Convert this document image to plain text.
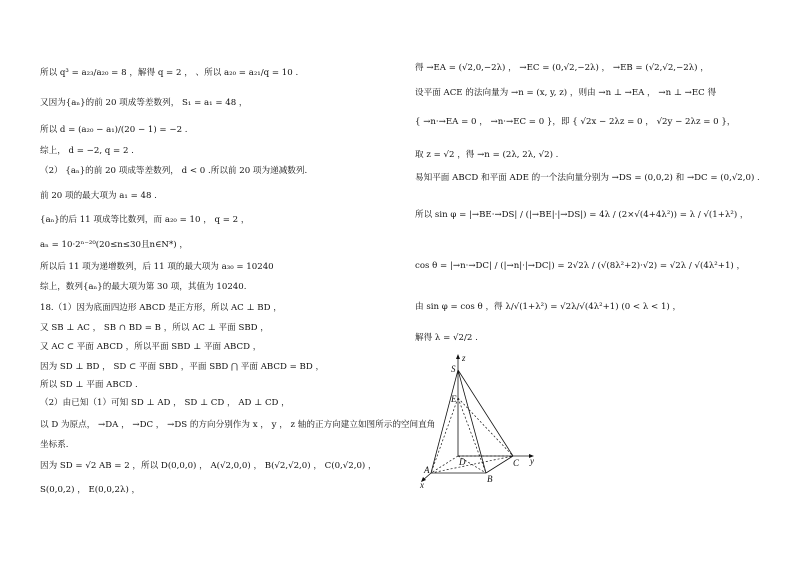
所以 q³ = a₂₃/a₂₀ = 8 ，解得 q = 2 ， 、所以 a₂₀ = a₂₁/q = 10 .
又因为{aₙ}的前 20 项成等差数列， S₁ = a₁ = 48 ，
所以 d = (a₂₀ − a₁)/(20 − 1) = −2 .
综上， d = −2, q = 2 .
（2） {aₙ}的前 20 项成等差数列， d < 0 .所以前 20 项为递减数列.
前 20 项的最大项为 a₁ = 48 .
{aₙ}的后 11 项成等比数列，而 a₂₀ = 10 ， q = 2 ，
aₙ = 10·2ⁿ⁻²⁰(20≤n≤30且n∈N*) ，
所以后 11 项为递增数列，后 11 项的最大项为 a₃₀ = 10240
综上，数列{aₙ}的最大项为第 30 项，其值为 10240.
18.（1）因为底面四边形 ABCD 是正方形，所以 AC ⊥ BD ，
又 SB ⊥ AC ， SB ∩ BD = B ，所以 AC ⊥ 平面 SBD ，
又 AC ⊂ 平面 ABCD ，所以平面 SBD ⊥ 平面 ABCD ，
因为 SD ⊥ BD ， SD ⊂ 平面 SBD ，平面 SBD ⋂ 平面 ABCD = BD ，
所以 SD ⊥ 平面 ABCD .
（2）由已知（1）可知 SD ⊥ AD ， SD ⊥ CD ， AD ⊥ CD ，
以 D 为原点， →DA ， →DC ， →DS 的方向分别作为 x ， y ， z 轴的正方向建立如图所示的空间直角
坐标系.
因为 SD = √2 AB = 2 ，所以 D(0,0,0) ， A(√2,0,0) ， B(√2,√2,0) ， C(0,√2,0) ，
S(0,0,2) ， E(0,0,2λ) ，
得 →EA = (√2,0,−2λ) ， →EC = (0,√2,−2λ) ， →EB = (√2,√2,−2λ) ，
设平面 ACE 的法向量为 →n = (x, y, z) ，则由 →n ⊥ →EA ， →n ⊥ →EC 得
{ →n·→EA = 0 ， →n·→EC = 0 }，即 { √2x − 2λz = 0 ， √2y − 2λz = 0 }，
取 z = √2 ，得 →n = (2λ, 2λ, √2) .
易知平面 ABCD 和平面 ADE 的一个法向量分别为 →DS = (0,0,2) 和 →DC = (0,√2,0) .
所以 sin φ = |→BE·→DS| / (|→BE|·|→DS|) = 4λ / (2×√(4+4λ²)) = λ / √(1+λ²) ，
cos θ = |→n·→DC| / (|→n|·|→DC|) = 2√2λ / (√(8λ²+2)·√2) = √2λ / √(4λ²+1) ，
由 sin φ = cos θ ，得 λ/√(1+λ²) = √2λ/√(4λ²+1) (0 < λ < 1) ，
解得 λ = √2/2 .
z
S
E
D
A
B
C y
x
